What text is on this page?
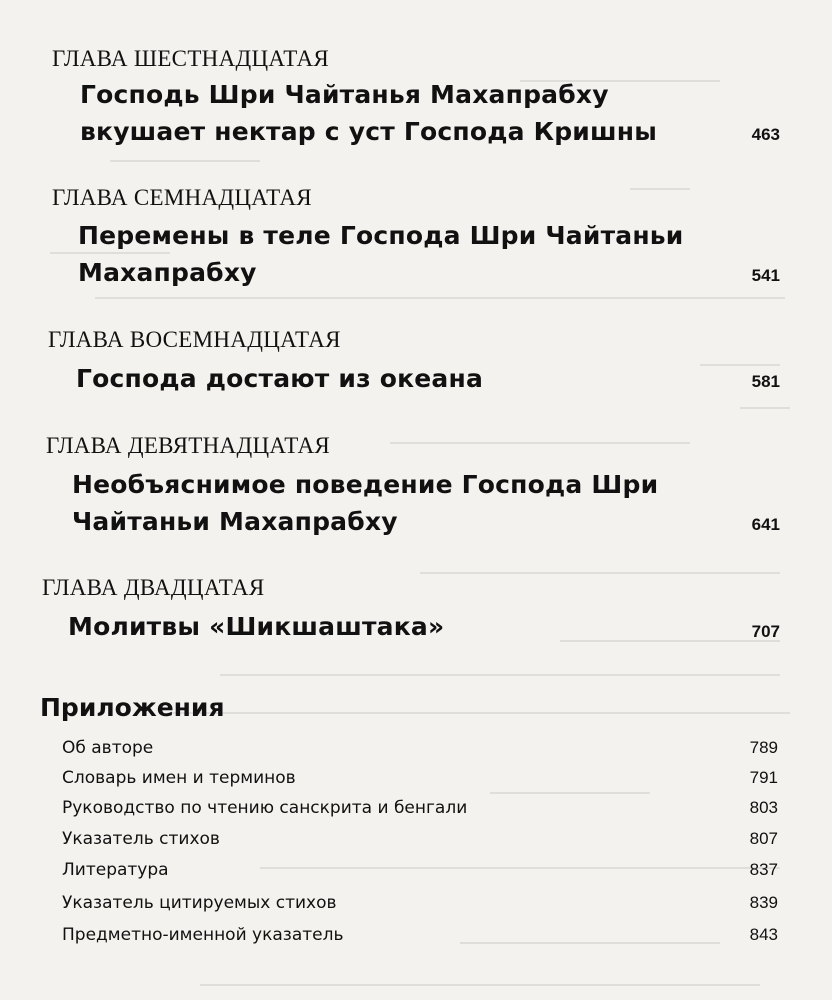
ГЛАВА ШЕСТНАДЦАТАЯ
Господь Шри Чайтанья Махапрабху
вкушает нектар с уст Господа Кришны	463
ГЛАВА СЕМНАДЦАТАЯ
Перемены в теле Господа Шри Чайтаньи
Махапрабху	541
ГЛАВА ВОСЕМНАДЦАТАЯ
Господа достают из океана	581
ГЛАВА ДЕВЯТНАДЦАТАЯ
Необъяснимое поведение Господа Шри
Чайтаньи Махапрабху	641
ГЛАВА ДВАДЦАТАЯ
Молитвы «Шикшаштака»	707
Приложения
Об авторе	789
Словарь имен и терминов	791
Руководство по чтению санскрита и бенгали	803
Указатель стихов	807
Литература	837
Указатель цитируемых стихов	839
Предметно-именной указатель	843
